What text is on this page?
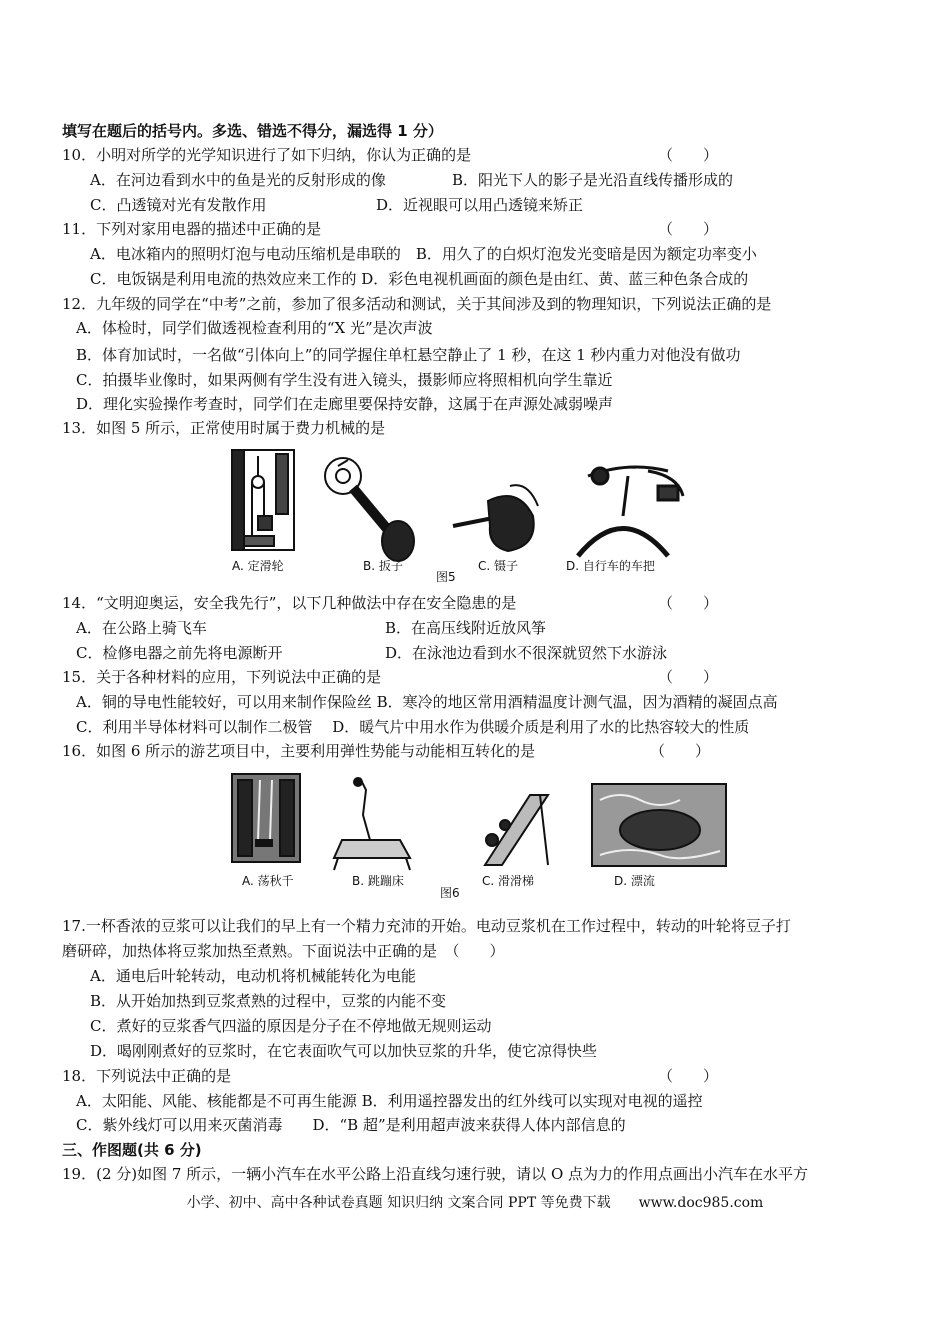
填写在题后的括号内。多选、错选不得分，漏选得 1 分）
10．小明对所学的光学知识进行了如下归纳，你认为正确的是	（　　）
A．在河边看到水中的鱼是光的反射形成的像	B．阳光下人的影子是光沿直线传播形成的
C．凸透镜对光有发散作用	D．近视眼可以用凸透镜来矫正
11．下列对家用电器的描述中正确的是	（　　）
A．电冰箱内的照明灯泡与电动压缩机是串联的　B．用久了的白炽灯泡发光变暗是因为额定功率变小
C．电饭锅是利用电流的热效应来工作的 D．彩色电视机画面的颜色是由红、黄、蓝三种色条合成的
12．九年级的同学在“中考”之前，参加了很多活动和测试，关于其间涉及到的物理知识，下列说法正确的是
A．体检时，同学们做透视检查利用的“X 光”是次声波
B．体育加试时，一名做“引体向上”的同学握住单杠悬空静止了 1 秒，在这 1 秒内重力对他没有做功
C．拍摄毕业像时，如果两侧有学生没有进入镜头，摄影师应将照相机向学生靠近
D．理化实验操作考查时，同学们在走廊里要保持安静，这属于在声源处减弱噪声
13．如图 5 所示，正常使用时属于费力机械的是
A. 定滑轮	B. 扳子
图5
C. 镊子	D. 自行车的车把
14．“文明迎奥运，安全我先行”，以下几种做法中存在安全隐患的是	（　　）
A．在公路上骑飞车	B．在高压线附近放风筝
C．检修电器之前先将电源断开	D．在泳池边看到水不很深就贸然下水游泳
15．关于各种材料的应用，下列说法中正确的是	（　　）
A．铜的导电性能较好，可以用来制作保险丝 B．寒冷的地区常用酒精温度计测气温，因为酒精的凝固点高
C．利用半导体材料可以制作二极管　 D．暖气片中用水作为供暖介质是利用了水的比热容较大的性质
16．如图 6 所示的游艺项目中，主要利用弹性势能与动能相互转化的是	（　　）
A. 荡秋千	B. 跳蹦床
图6
C. 滑滑梯	D. 漂流
17.一杯香浓的豆浆可以让我们的早上有一个精力充沛的开始。电动豆浆机在工作过程中，转动的叶轮将豆子打
磨研碎，加热体将豆浆加热至煮熟。下面说法中正确的是　（　　）
A．通电后叶轮转动，电动机将机械能转化为电能
B．从开始加热到豆浆煮熟的过程中，豆浆的内能不变
C．煮好的豆浆香气四溢的原因是分子在不停地做无规则运动
D．喝刚刚煮好的豆浆时，在它表面吹气可以加快豆浆的升华，使它凉得快些
18．下列说法中正确的是	（　　）
A．太阳能、风能、核能都是不可再生能源 B．利用遥控器发出的红外线可以实现对电视的遥控
C．紫外线灯可以用来灭菌消毒　　D．“B 超”是利用超声波来获得人体内部信息的
三、作图题(共 6 分)
19．(2 分)如图 7 所示，一辆小汽车在水平公路上沿直线匀速行驶，请以 O 点为力的作用点画出小汽车在水平方
小学、初中、高中各种试卷真题 知识归纳 文案合同 PPT 等免费下载　　www.doc985.com
